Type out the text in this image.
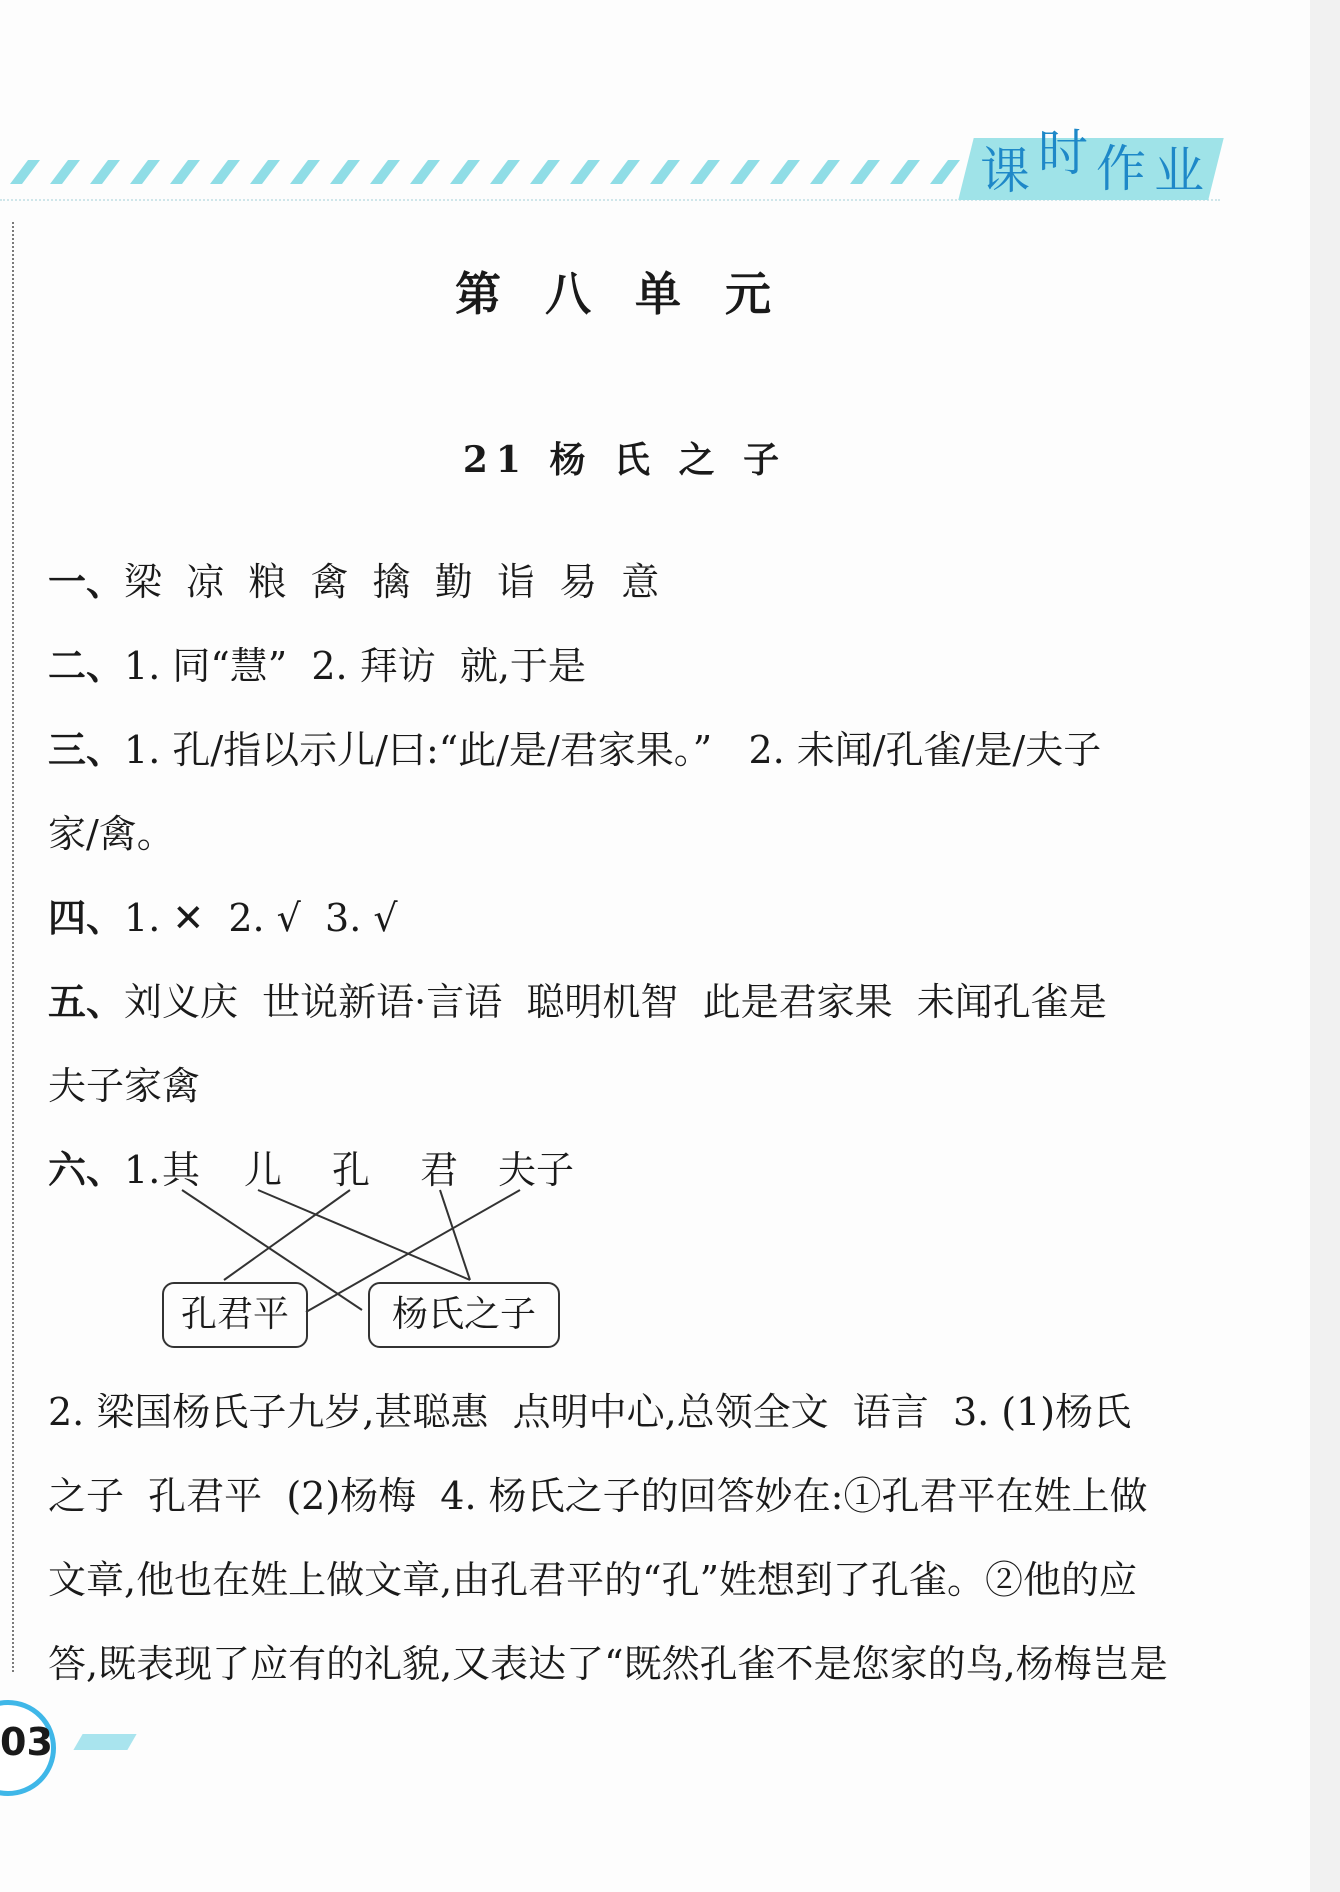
课 时 作 业
第 八 单 元
21 杨 氏 之 子
一、梁  凉  粮  禽  擒  勤  诣  易  意
二、1. 同“慧”  2. 拜访  就,于是
三、1. 孔/指以示儿/曰:“此/是/君家果。”   2. 未闻/孔雀/是/夫子
家/禽。
四、1. ✕  2. √  3. √
五、刘义庆  世说新语·言语  聪明机智  此是君家果  未闻孔雀是
夫子家禽
六、1. 其 儿 孔 君 夫子
孔君平	杨氏之子
2. 梁国杨氏子九岁,甚聪惠  点明中心,总领全文  语言  3. (1)杨氏
之子  孔君平  (2)杨梅  4. 杨氏之子的回答妙在:①孔君平在姓上做
文章,他也在姓上做文章,由孔君平的“孔”姓想到了孔雀。②他的应
答,既表现了应有的礼貌,又表达了“既然孔雀不是您家的鸟,杨梅岂是
03
